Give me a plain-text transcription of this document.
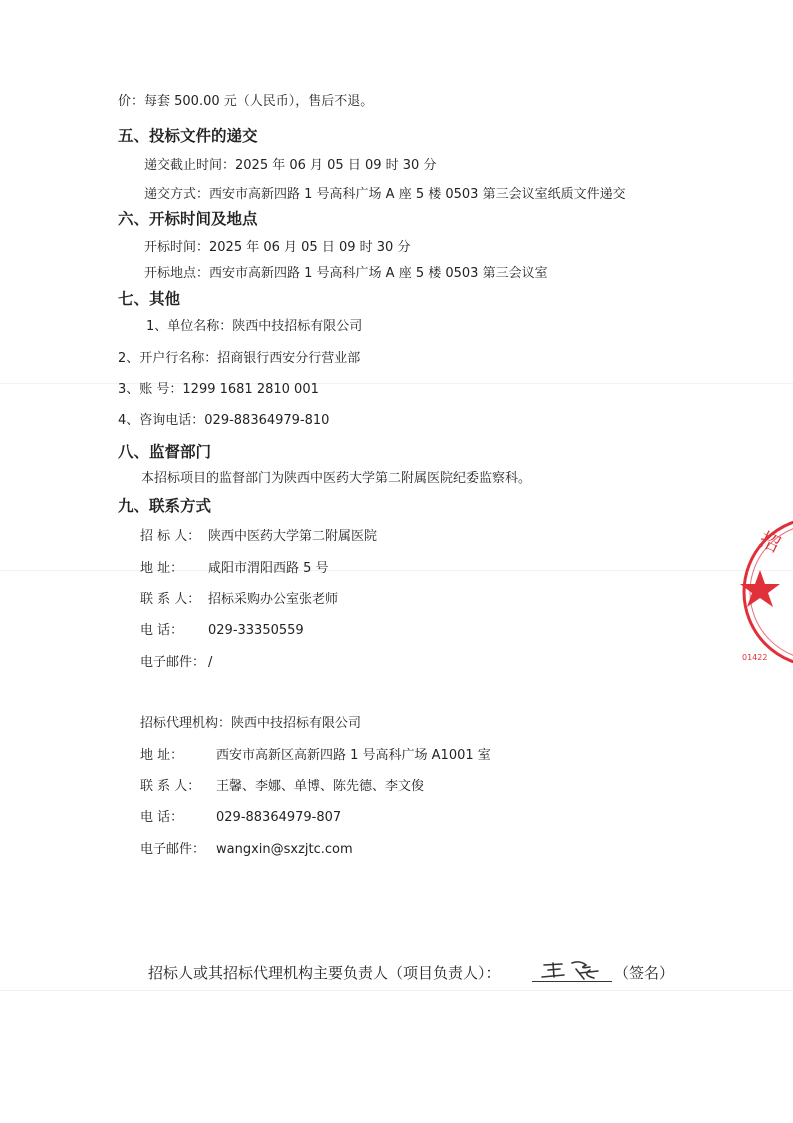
价：每套 500.00 元（人民币），售后不退。
五、投标文件的递交
递交截止时间：2025 年 06 月 05 日 09 时 30 分
递交方式：西安市高新四路 1 号高科广场 A 座 5 楼 0503 第三会议室纸质文件递交
六、开标时间及地点
开标时间：2025 年 06 月 05 日 09 时 30 分
开标地点：西安市高新四路 1 号高科广场 A 座 5 楼 0503 第三会议室
七、其他
1、单位名称：陕西中技招标有限公司
2、开户行名称：招商银行西安分行营业部
3、账 号：1299 1681 2810 001
4、咨询电话：029-88364979-810
八、监督部门
本招标项目的监督部门为陕西中医药大学第二附属医院纪委监察科。
九、联系方式
招 标 人： 陕西中医药大学第二附属医院
地 址： 咸阳市渭阳西路 5 号
联 系 人： 招标采购办公室张老师
电 话： 029-33350559
电子邮件： /
招标代理机构：陕西中技招标有限公司
地 址：	西安市高新区高新四路 1 号高科广场 A1001 室
联 系 人： 王馨、李娜、单博、陈先德、李文俊
电 话：	029-88364979-807
电子邮件： wangxin@sxzjtc.com
招标人或其招标代理机构主要负责人（项目负责人）：	（签名）
招
01422
